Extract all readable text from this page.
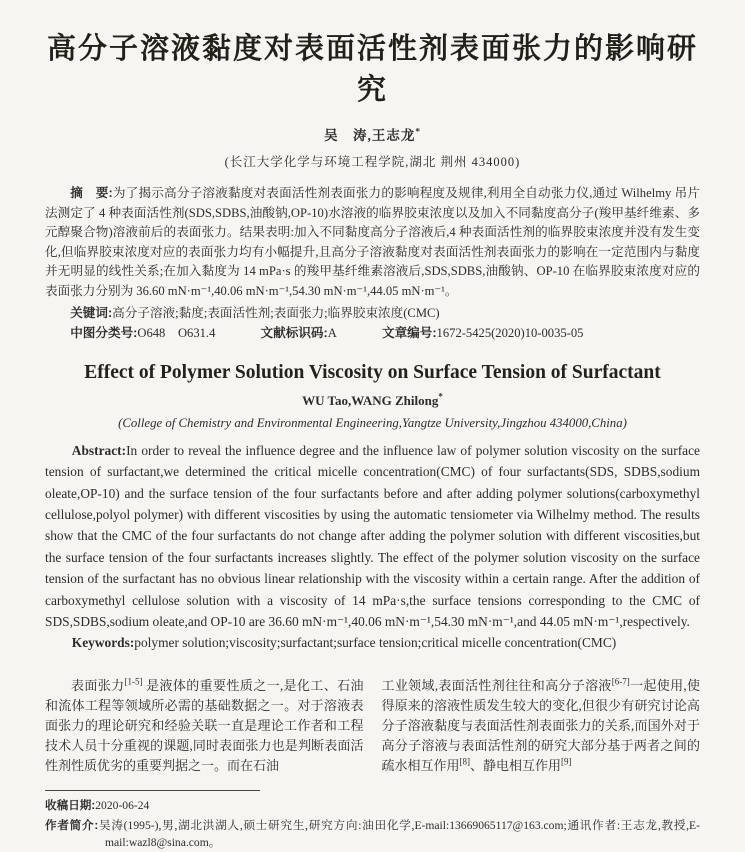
高分子溶液黏度对表面活性剂表面张力的影响研究
吴　涛,王志龙*
(长江大学化学与环境工程学院,湖北 荆州 434000)

摘　要:为了揭示高分子溶液黏度对表面活性剂表面张力的影响程度及规律,利用全自动张力仪,通过 Wilhelmy 吊片法测定了 4 种表面活性剂(SDS,SDBS,油酸钠,OP-10)水溶液的临界胶束浓度以及加入不同黏度高分子(羧甲基纤维素、多元醇聚合物)溶液前后的表面张力。结果表明:加入不同黏度高分子溶液后,4 种表面活性剂的临界胶束浓度并没有发生变化,但临界胶束浓度对应的表面张力均有小幅提升,且高分子溶液黏度对表面活性剂表面张力的影响在一定范围内与黏度并无明显的线性关系;在加入黏度为 14 mPa·s 的羧甲基纤维素溶液后,SDS,SDBS,油酸钠、OP-10 在临界胶束浓度对应的表面张力分别为 36.60 mN·m⁻¹,40.06 mN·m⁻¹,54.30 mN·m⁻¹,44.05 mN·m⁻¹。

关键词:高分子溶液;黏度;表面活性剂;表面张力;临界胶束浓度(CMC)

中图分类号:O648　O631.4	文献标识码:A	文章编号:1672-5425(2020)10-0035-05

Effect of Polymer Solution Viscosity on Surface Tension of Surfactant
WU Tao,WANG Zhilong*
(College of Chemistry and Environmental Engineering,Yangtze University,Jingzhou 434000,China)

Abstract:In order to reveal the influence degree and the influence law of polymer solution viscosity on the surface tension of surfactant,we determined the critical micelle concentration(CMC) of four surfactants(SDS, SDBS,sodium oleate,OP-10) and the surface tension of the four surfactants before and after adding polymer solutions(carboxymethyl cellulose,polyol polymer) with different viscosities by using the automatic tensiometer via Wilhelmy method. The results show that the CMC of the four surfactants do not change after adding the polymer solution with different viscosities,but the surface tension of the four surfactants increases slightly. The effect of the polymer solution viscosity on the surface tension of the surfactant has no obvious linear relationship with the viscosity within a certain range. After the addition of carboxymethyl cellulose solution with a viscosity of 14 mPa·s,the surface tensions corresponding to the CMC of SDS,SDBS,sodium oleate,and OP-10 are 36.60 mN·m⁻¹,40.06 mN·m⁻¹,54.30 mN·m⁻¹,and 44.05 mN·m⁻¹,respectively.

Keywords:polymer solution;viscosity;surfactant;surface tension;critical micelle concentration(CMC)

表面张力[1-5] 是液体的重要性质之一,是化工、石油和流体工程等领域所必需的基础数据之一。对于溶液表面张力的理论研究和经验关联一直是理论工作者和工程技术人员十分重视的课题,同时表面张力也是判断表面活性剂性质优劣的重要判据之一。而在石油

工业领域,表面活性剂往往和高分子溶液[6-7]一起使用,使得原来的溶液性质发生较大的变化,但很少有研究讨论高分子溶液黏度与表面活性剂表面张力的关系,而国外对于高分子溶液与表面活性剂的研究大部分基于两者之间的疏水相互作用[8]、静电相互作用[9]

收稿日期:2020-06-24

作者简介:吴涛(1995-),男,湖北洪湖人,硕士研究生,研究方向:油田化学,E-mail:13669065117@163.com;通讯作者:王志龙,教授,E-mail:wazl8@sina.com。
